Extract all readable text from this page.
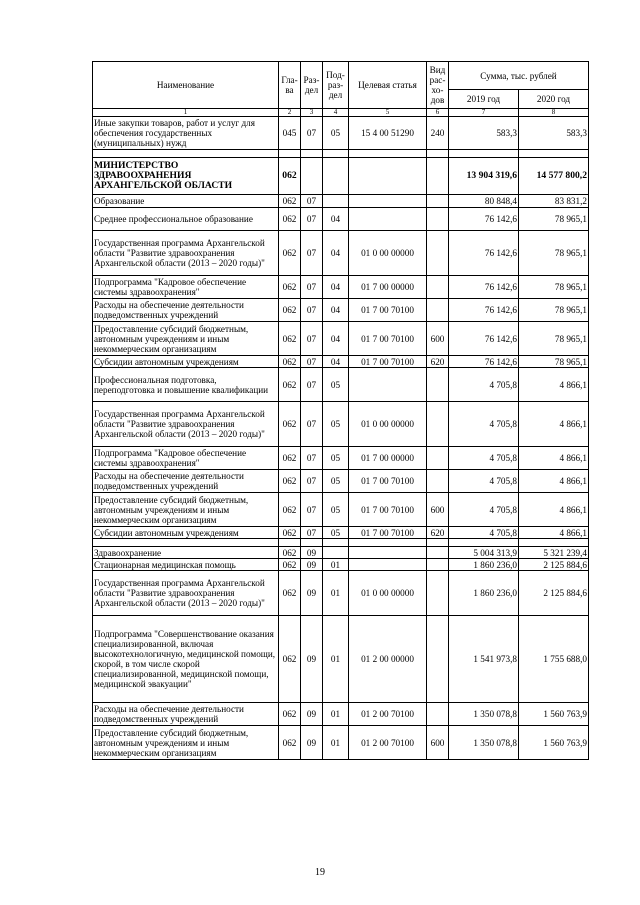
Наименование	Гла-ва	Раз-дел	Под-раз-дел	Целевая статья	Вид рас-хо-дов	Сумма, тыс. рублей	
						2019 год	2020 год
1	2	3	4	5	6	7	8
Иные закупки товаров, работ и услуг для обеспечения государственных (муниципальных) нужд	045	07	05	15 4 00 51290	240	583,3	583,3

МИНИСТЕРСТВО ЗДРАВООХРАНЕНИЯ АРХАНГЕЛЬСКОЙ ОБЛАСТИ	062					13 904 319,6	14 577 800,2
Образование	062	07				80 848,4	83 831,2
Среднее профессиональное образование	062	07	04			76 142,6	78 965,1
Государственная программа Архангельской области "Развитие здравоохранения Архангельской области (2013 – 2020 годы)"	062	07	04	01 0 00 00000		76 142,6	78 965,1
Подпрограмма "Кадровое обеспечение системы здравоохранения"	062	07	04	01 7 00 00000		76 142,6	78 965,1
Расходы на обеспечение деятельности подведомственных учреждений	062	07	04	01 7 00 70100		76 142,6	78 965,1
Предоставление субсидий бюджетным, автономным учреждениям и иным некоммерческим организациям	062	07	04	01 7 00 70100	600	76 142,6	78 965,1
Субсидии автономным учреждениям	062	07	04	01 7 00 70100	620	76 142,6	78 965,1
Профессиональная подготовка, переподготовка и повышение квалификации	062	07	05			4 705,8	4 866,1
Государственная программа Архангельской области "Развитие здравоохранения Архангельской области (2013 – 2020 годы)"	062	07	05	01 0 00 00000		4 705,8	4 866,1
Подпрограмма "Кадровое обеспечение системы здравоохранения"	062	07	05	01 7 00 00000		4 705,8	4 866,1
Расходы на обеспечение деятельности подведомственных учреждений	062	07	05	01 7 00 70100		4 705,8	4 866,1
Предоставление субсидий бюджетным, автономным учреждениям и иным некоммерческим организациям	062	07	05	01 7 00 70100	600	4 705,8	4 866,1
Субсидии автономным учреждениям	062	07	05	01 7 00 70100	620	4 705,8	4 866,1

Здравоохранение	062	09				5 004 313,9	5 321 239,4
Стационарная медицинская помощь	062	09	01			1 860 236,0	2 125 884,6
Государственная программа Архангельской области "Развитие здравоохранения Архангельской области (2013 – 2020 годы)"	062	09	01	01 0 00 00000		1 860 236,0	2 125 884,6
Подпрограмма "Совершенствование оказания специализированной, включая высокотехнологичную, медицинской помощи, скорой, в том числе скорой специализированной, медицинской помощи, медицинской эвакуации"	062	09	01	01 2 00 00000		1 541 973,8	1 755 688,0
Расходы на обеспечение деятельности подведомственных учреждений	062	09	01	01 2 00 70100		1 350 078,8	1 560 763,9
Предоставление субсидий бюджетным, автономным учреждениям и иным некоммерческим организациям	062	09	01	01 2 00 70100	600	1 350 078,8	1 560 763,9
19
